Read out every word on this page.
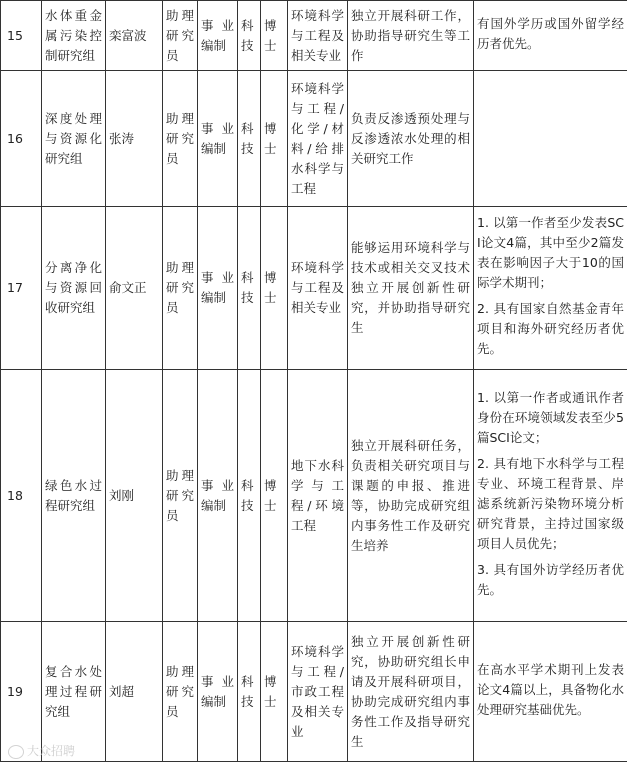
15	水体重金属污染控制研究组	栾富波	助理研究员	事业编制	科技	博士	环境科学与工程及相关专业	独立开展科研工作，协助指导研究生等工作	有国外学历或国外留学经历者优先。

16	深度处理与资源化研究组	张涛	助理研究员	事业编制	科技	博士	环境科学与工程/化学/材料/给排水科学与工程	负责反渗透预处理与反渗透浓水处理的相关研究工作	
17	分离净化与资源回收研究组	俞文正	助理研究员	事业编制	科技	博士	环境科学与工程及相关专业	能够运用环境科学与技术或相关交叉技术独立开展创新性研究，并协助指导研究生	1. 以第一作者至少发表SCI论文4篇，其中至少2篇发表在影响因子大于10的国际学术期刊；

2. 具有国家自然基金青年项目和海外研究经历者优先。

18	绿色水过程研究组	刘刚	助理研究员	事业编制	科技	博士	地下水科学与工程/环境工程	独立开展科研任务，负责相关研究项目与课题的申报、推进等，协助完成研究组内事务性工作及研究生培养	1. 以第一作者或通讯作者身份在环境领域发表至少5篇SCI论文；

2. 具有地下水科学与工程专业、环境工程背景、岸滤系统新污染物环境分析研究背景，主持过国家级项目人员优先；

3. 具有国外访学经历者优先。

19	复合水处理过程研究组	刘超	助理研究员	事业编制	科技	博士	环境科学与工程/市政工程及相关专业	独立开展创新性研究，协助研究组长申请及开展科研项目，协助完成研究组内事务性工作及指导研究生	在高水平学术期刊上发表论文4篇以上，具备物化水处理研究基础优先。

大众招聘
